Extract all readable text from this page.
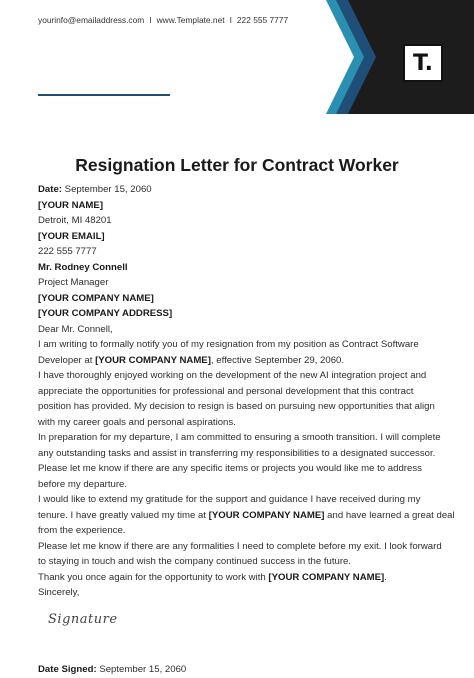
yourinfo@emailaddress.com I www.Template.net I 222 555 7777
T.
Resignation Letter for Contract Worker
Date: September 15, 2060
[YOUR NAME]
Detroit, MI 48201
[YOUR EMAIL]
222 555 7777
Mr. Rodney Connell
Project Manager
[YOUR COMPANY NAME]
[YOUR COMPANY ADDRESS]
Dear Mr. Connell,
I am writing to formally notify you of my resignation from my position as Contract Software
Developer at [YOUR COMPANY NAME], effective September 29, 2060.
I have thoroughly enjoyed working on the development of the new AI integration project and
appreciate the opportunities for professional and personal development that this contract
position has provided. My decision to resign is based on pursuing new opportunities that align
with my career goals and personal aspirations.
In preparation for my departure, I am committed to ensuring a smooth transition. I will complete
any outstanding tasks and assist in transferring my responsibilities to a designated successor.
Please let me know if there are any specific items or projects you would like me to address
before my departure.
I would like to extend my gratitude for the support and guidance I have received during my
tenure. I have greatly valued my time at [YOUR COMPANY NAME] and have learned a great deal
from the experience.
Please let me know if there are any formalities I need to complete before my exit. I look forward
to staying in touch and wish the company continued success in the future.
Thank you once again for the opportunity to work with [YOUR COMPANY NAME].
Sincerely,
Signature
Date Signed: September 15, 2060
